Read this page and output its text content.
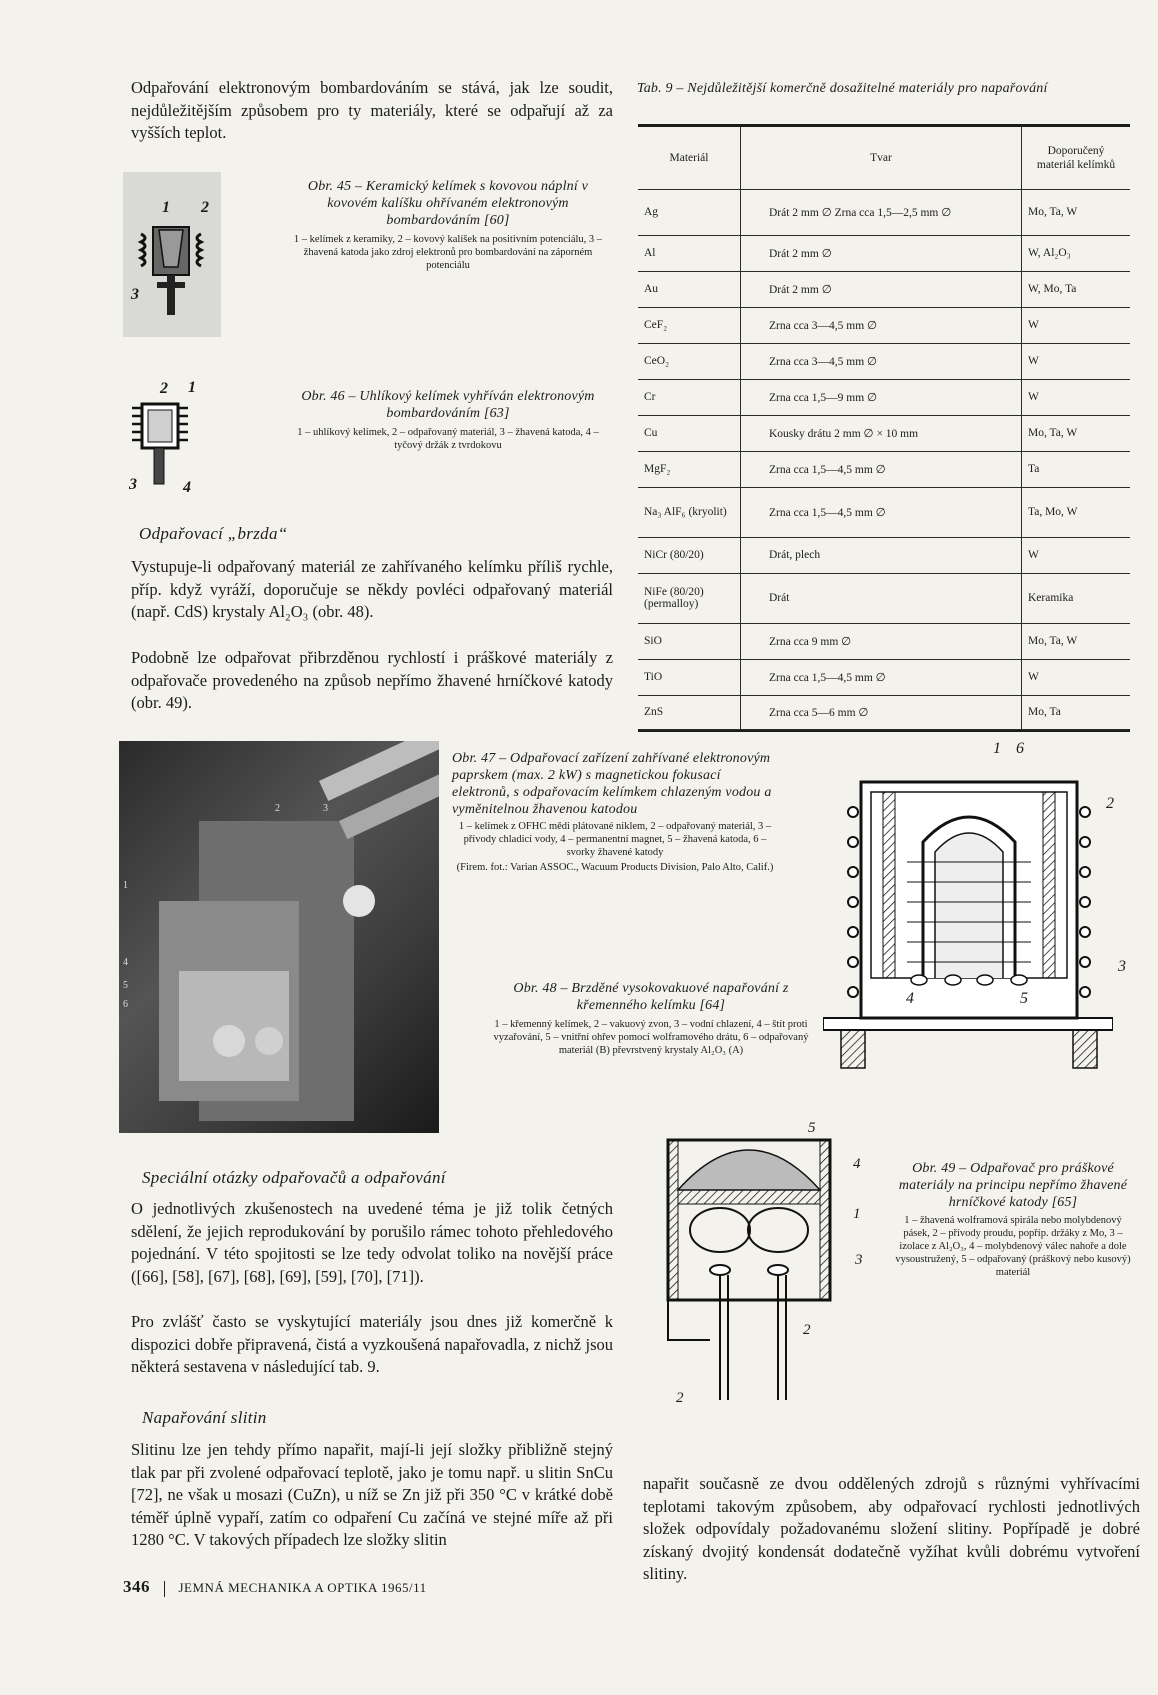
Odpařování elektronovým bombardováním se stává, jak lze soudit, nejdůležitějším způsobem pro ty materiály, které se odpařují až za vyšších teplot.

1 2
3
Obr. 45 – Keramický kelímek s kovovou náplní v kovovém kalíšku ohřívaném elektronovým bombardováním [60]
1 – kelímek z keramiky, 2 – kovový kalíšek na positivním potenciálu, 3 – žhavená katoda jako zdroj elektronů pro bombardování na záporném potenciálu
2 1
3	4
Obr. 46 – Uhlíkový kelímek vyhříván elektronovým bombardováním [63]
1 – uhlíkový kelímek, 2 – odpařovaný materiál, 3 – žhavená katoda, 4 – tyčový držák z tvrdokovu
Odpařovací „brzda“

Vystupuje-li odpařovaný materiál ze zahřívaného kelímku příliš rychle, příp. když vyráží, doporučuje se někdy povléci odpařovaný materiál (např. CdS) krystaly Al₂O₃ (obr. 48).

Podobně lze odpařovat přibrzděnou rychlostí i práškové materiály z odpařovače provedeného na způsob nepřímo žhavené hrníčkové katody (obr. 49).

2	3
1
4
5
6
Obr. 47 – Odpařovací zařízení zahřívané elektronovým paprskem (max. 2 kW) s magnetickou fokusací elektronů, s odpařovacím kelímkem chlazeným vodou a vyměnitelnou žhavenou katodou
1 – kelímek z OFHC mědi plátované niklem, 2 – odpařovaný materiál, 3 – přívody chladicí vody, 4 – permanentní magnet, 5 – žhavená katoda, 6 – svorky žhavené katody
(Firem. fot.: Varian ASSOC., Wacuum Products Division, Palo Alto, Calif.)
Obr. 48 – Brzděné vysokovakuové napařování z křemenného kelímku [64]
1 – křemenný kelímek, 2 – vakuový zvon, 3 – vodní chlazení, 4 – štít proti vyzařování, 5 – vnitřní ohřev pomocí wolframového drátu, 6 – odpařovaný materiál (B) převrstvený krystaly Al₂O₃ (A)
1 6
2
3
4	5
5
4
1
3
2
2
Obr. 49 – Odpařovač pro práškové materiály na principu nepřímo žhavené hrníčkové katody [65]
1 – žhavená wolframová spirála nebo molybdenový pásek, 2 – přívody proudu, popříp. držáky z Mo, 3 – izolace z Al₂O₃, 4 – molybdenový válec nahoře a dole vysoustružený, 5 – odpařovaný (práškový nebo kusový) materiál
Speciální otázky odpařovačů a odpařování

O jednotlivých zkušenostech na uvedené téma je již tolik četných sdělení, že jejich reprodukování by porušilo rámec tohoto přehledového pojednání. V této spojitosti se lze tedy odvolat toliko na novější práce ([66], [58], [67], [68], [69], [59], [70], [71]).

Pro zvlášť často se vyskytující materiály jsou dnes již komerčně k dispozici dobře připravená, čistá a vyzkoušená napařovadla, z nichž jsou některá sestavena v následující tab. 9.

Napařování slitin

Slitinu lze jen tehdy přímo napařit, mají-li její složky přibližně stejný tlak par při zvolené odpařovací teplotě, jako je tomu např. u slitin SnCu [72], ne však u mosazi (CuZn), u níž se Zn již při 350 °C v krátké době téměř úplně vypaří, zatím co odpaření Cu začíná ve stejné míře až při 1280 °C. V takových případech lze složky slitin

napařit současně ze dvou oddělených zdrojů s různými vyhřívacími teplotami takovým způsobem, aby odpařovací rychlosti jednotlivých složek odpovídaly požadovanému složení slitiny. Popřípadě je dobré získaný dvojitý kondensát dodatečně vyžíhat kvůli dobrému vytvoření slitiny.

Tab. 9 – Nejdůležitější komerčně dosažitelné materiály pro napařování
Materiál	Tvar	Doporučený materiál kelímků
Ag	Drát 2 mm ∅ Zrna cca 1,5—2,5 mm ∅	Mo, Ta, W
Al	Drát 2 mm ∅	W, Al₂O₃
Au	Drát 2 mm ∅	W, Mo, Ta
CeF₂	Zrna cca 3—4,5 mm ∅	W
CeO₂	Zrna cca 3—4,5 mm ∅	W
Cr	Zrna cca 1,5—9 mm ∅	W
Cu	Kousky drátu 2 mm ∅ × 10 mm	Mo, Ta, W
MgF₂	Zrna cca 1,5—4,5 mm ∅	Ta
Na₃ AlF₆ (kryolit)	Zrna cca 1,5—4,5 mm ∅	Ta, Mo, W
NiCr (80/20)	Drát, plech	W
NiFe (80/20) (permalloy)	Drát	Keramika
SiO	Zrna cca 9 mm ∅	Mo, Ta, W
TiO	Zrna cca 1,5—4,5 mm ∅	W
ZnS	Zrna cca 5—6 mm ∅	Mo, Ta
346 JEMNÁ MECHANIKA A OPTIKA 1965/11
